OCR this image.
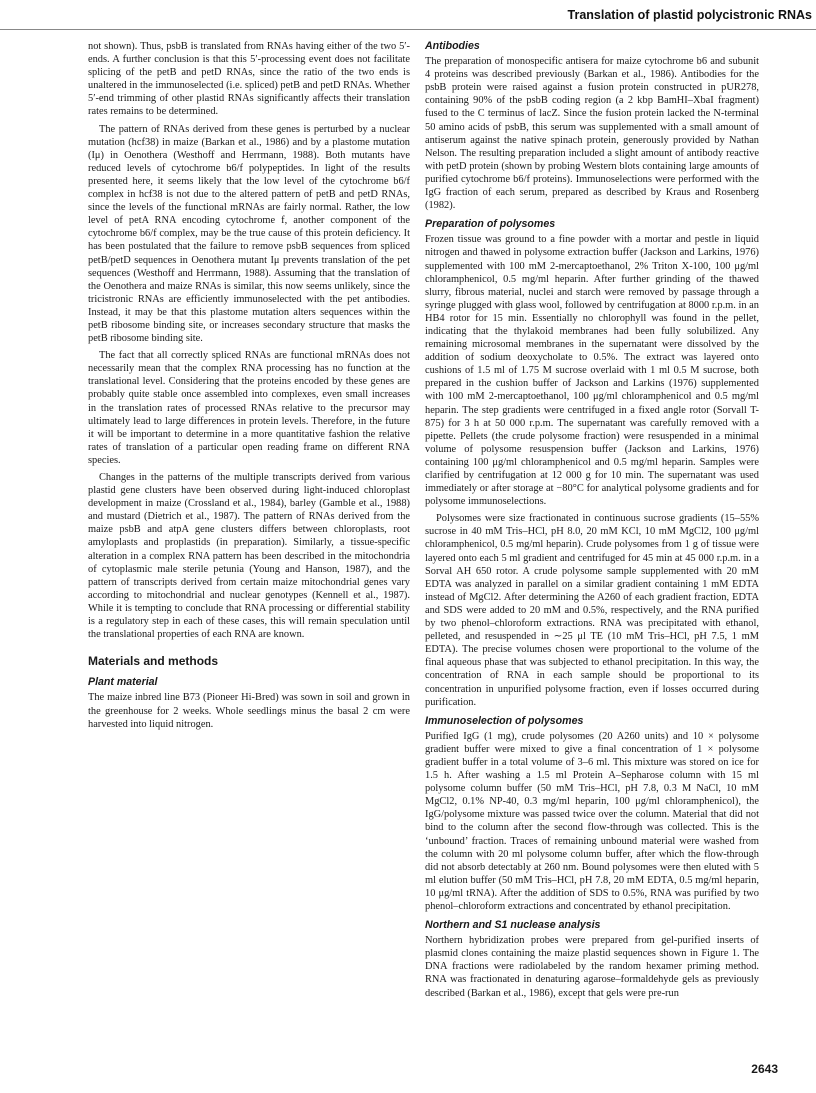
Translation of plastid polycistronic RNAs

not shown). Thus, psbB is translated from RNAs having either of the two 5′-ends. A further conclusion is that this 5′-processing event does not facilitate splicing of the petB and petD RNAs, since the ratio of the two ends is unaltered in the immunoselected (i.e. spliced) petB and petD RNAs. Whether 5′-end trimming of other plastid RNAs significantly affects their translation rates remains to be determined.

The pattern of RNAs derived from these genes is perturbed by a nuclear mutation (hcf38) in maize (Barkan et al., 1986) and by a plastome mutation (Iμ) in Oenothera (Westhoff and Herrmann, 1988). Both mutants have reduced levels of cytochrome b6/f polypeptides. In light of the results presented here, it seems likely that the low level of the cytochrome b6/f complex in hcf38 is not due to the altered pattern of petB and petD RNAs, since the levels of the functional mRNAs are fairly normal. Rather, the low level of petA RNA encoding cytochrome f, another component of the cytochrome b6/f complex, may be the true cause of this protein deficiency. It has been postulated that the failure to remove psbB sequences from spliced petB/petD sequences in Oenothera mutant Iμ prevents translation of the pet sequences (Westhoff and Herrmann, 1988). Assuming that the translation of the Oenothera and maize RNAs is similar, this now seems unlikely, since the tricistronic RNAs are efficiently immunoselected with the pet antibodies. Instead, it may be that this plastome mutation alters sequences within the petB ribosome binding site, or increases secondary structure that masks the petB ribosome binding site.

The fact that all correctly spliced RNAs are functional mRNAs does not necessarily mean that the complex RNA processing has no function at the translational level. Considering that the proteins encoded by these genes are probably quite stable once assembled into complexes, even small increases in the translation rates of processed RNAs relative to the precursor may ultimately lead to large differences in protein levels. Therefore, in the future it will be important to determine in a more quantitative fashion the relative rates of translation of a particular open reading frame on different RNA species.

Changes in the patterns of the multiple transcripts derived from various plastid gene clusters have been observed during light-induced chloroplast development in maize (Crossland et al., 1984), barley (Gamble et al., 1988) and mustard (Dietrich et al., 1987). The pattern of RNAs derived from the maize psbB and atpA gene clusters differs between chloroplasts, root amyloplasts and proplastids (in preparation). Similarly, a tissue-specific alteration in a complex RNA pattern has been described in the mitochondria of cytoplasmic male sterile petunia (Young and Hanson, 1987), and the pattern of transcripts derived from certain maize mitochondrial genes vary according to mitochondrial and nuclear genotypes (Kennell et al., 1987). While it is tempting to conclude that RNA processing or differential stability is a regulatory step in each of these cases, this will remain speculation until the translational properties of each RNA are known.

Materials and methods
Plant material

The maize inbred line B73 (Pioneer Hi-Bred) was sown in soil and grown in the greenhouse for 2 weeks. Whole seedlings minus the basal 2 cm were harvested into liquid nitrogen.

Antibodies

The preparation of monospecific antisera for maize cytochrome b6 and subunit 4 proteins was described previously (Barkan et al., 1986). Antibodies for the psbB protein were raised against a fusion protein constructed in pUR278, containing 90% of the psbB coding region (a 2 kbp BamHI–XbaI fragment) fused to the C terminus of lacZ. Since the fusion protein lacked the N-terminal 50 amino acids of psbB, this serum was supplemented with a small amount of antiserum against the native spinach protein, generously provided by Nathan Nelson. The resulting preparation included a slight amount of antibody reactive with petD protein (shown by probing Western blots containing large amounts of purified cytochrome b6/f proteins). Immunoselections were performed with the IgG fraction of each serum, prepared as described by Kraus and Rosenberg (1982).

Preparation of polysomes

Frozen tissue was ground to a fine powder with a mortar and pestle in liquid nitrogen and thawed in polysome extraction buffer (Jackson and Larkins, 1976) supplemented with 100 mM 2-mercaptoethanol, 2% Triton X-100, 100 μg/ml chloramphenicol, 0.5 mg/ml heparin. After further grinding of the thawed slurry, fibrous material, nuclei and starch were removed by passage through a syringe plugged with glass wool, followed by centrifugation at 8000 r.p.m. in an HB4 rotor for 15 min. Essentially no chlorophyll was found in the pellet, indicating that the thylakoid membranes had been fully solubilized. Any remaining microsomal membranes in the supernatant were dissolved by the addition of sodium deoxycholate to 0.5%. The extract was layered onto cushions of 1.5 ml of 1.75 M sucrose overlaid with 1 ml 0.5 M sucrose, both prepared in the cushion buffer of Jackson and Larkins (1976) supplemented with 100 mM 2-mercaptoethanol, 100 μg/ml chloramphenicol and 0.5 mg/ml heparin. The step gradients were centrifuged in a fixed angle rotor (Sorvall T-875) for 3 h at 50 000 r.p.m. The supernatant was carefully removed with a pipette. Pellets (the crude polysome fraction) were resuspended in a minimal volume of polysome resuspension buffer (Jackson and Larkins, 1976) containing 100 μg/ml chloramphenicol and 0.5 mg/ml heparin. Samples were clarified by centrifugation at 12 000 g for 10 min. The supernatant was used immediately or after storage at −80°C for analytical polysome gradients and for polysome immunoselections.

Polysomes were size fractionated in continuous sucrose gradients (15–55% sucrose in 40 mM Tris–HCl, pH 8.0, 20 mM KCl, 10 mM MgCl2, 100 μg/ml chloramphenicol, 0.5 mg/ml heparin). Crude polysomes from 1 g of tissue were layered onto each 5 ml gradient and centrifuged for 45 min at 45 000 r.p.m. in a Sorval AH 650 rotor. A crude polysome sample supplemented with 20 mM EDTA was analyzed in parallel on a similar gradient containing 1 mM EDTA instead of MgCl2. After determining the A260 of each gradient fraction, EDTA and SDS were added to 20 mM and 0.5%, respectively, and the RNA purified by two phenol–chloroform extractions. RNA was precipitated with ethanol, pelleted, and resuspended in ∼25 μl TE (10 mM Tris–HCl, pH 7.5, 1 mM EDTA). The precise volumes chosen were proportional to the volume of the final aqueous phase that was subjected to ethanol precipitation. In this way, the concentration of RNA in each sample should be proportional to its concentration in unpurified polysome fraction, even if losses occurred during purification.

Immunoselection of polysomes

Purified IgG (1 mg), crude polysomes (20 A260 units) and 10 × polysome gradient buffer were mixed to give a final concentration of 1 × polysome gradient buffer in a total volume of 3–6 ml. This mixture was stored on ice for 1.5 h. After washing a 1.5 ml Protein A–Sepharose column with 15 ml polysome column buffer (50 mM Tris–HCl, pH 7.8, 0.3 M NaCl, 10 mM MgCl2, 0.1% NP-40, 0.3 mg/ml heparin, 100 μg/ml chloramphenicol), the IgG/polysome mixture was passed twice over the column. Material that did not bind to the column after the second flow-through was collected. This is the ‘unbound’ fraction. Traces of remaining unbound material were washed from the column with 20 ml polysome column buffer, after which the flow-through did not absorb detectably at 260 nm. Bound polysomes were then eluted with 5 ml elution buffer (50 mM Tris–HCl, pH 7.8, 20 mM EDTA, 0.5 mg/ml heparin, 10 μg/ml tRNA). After the addition of SDS to 0.5%, RNA was purified by two phenol–chloroform extractions and concentrated by ethanol precipitation.

Northern and S1 nuclease analysis

Northern hybridization probes were prepared from gel-purified inserts of plasmid clones containing the maize plastid sequences shown in Figure 1. The DNA fractions were radiolabeled by the random hexamer priming method. RNA was fractionated in denaturing agarose–formaldehyde gels as previously described (Barkan et al., 1986), except that gels were pre-run

2643
